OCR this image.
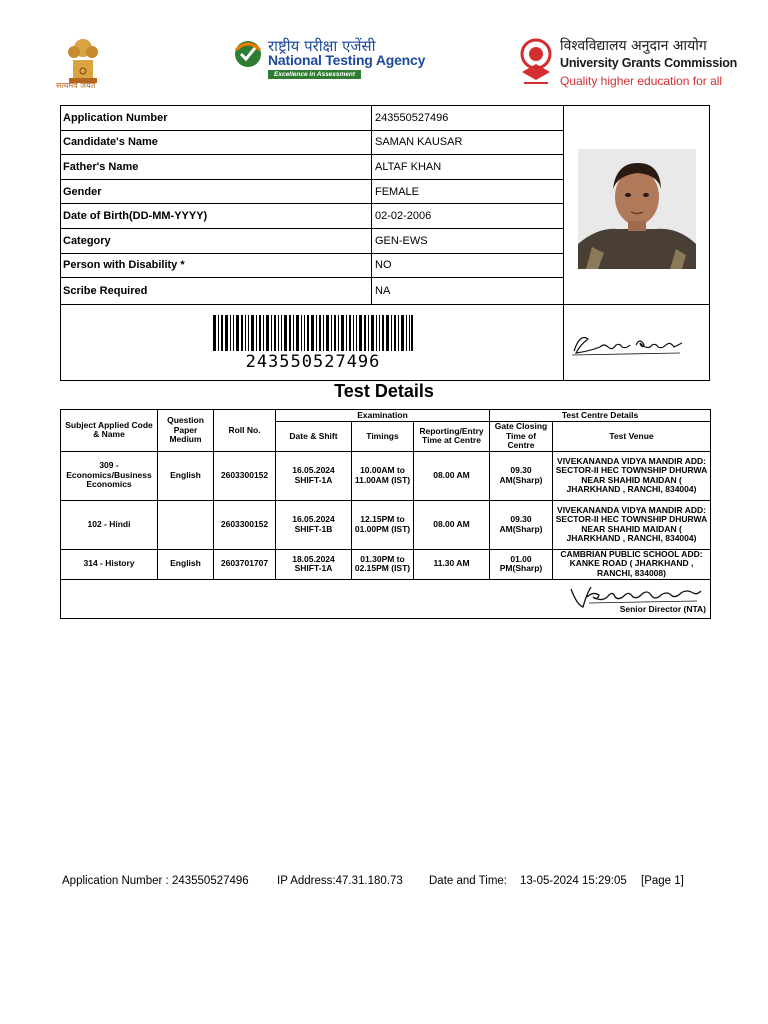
सत्यमेव जयते
राष्ट्रीय परीक्षा एजेंसी
National Testing Agency
Excellence in Assessment
विश्वविद्यालय अनुदान आयोग
University Grants Commission
Quality higher education for all
Application Number	243550527496
Candidate's Name	SAMAN KAUSAR
Father's Name	ALTAF KHAN
Gender	FEMALE
Date of Birth(DD-MM-YYYY)	02-02-2006
Category	GEN-EWS
Person with Disability *	NO
Scribe Required	NA
243550527496
Test Details
Subject Applied Code & Name	Question Paper Medium	Roll No.	Examination			Test Centre Details	
			Date & Shift	Timings	Reporting/Entry Time at Centre	Gate Closing Time of Centre	Test Venue
309 - Economics/Business Economics	English	2603300152	16.05.2024 SHIFT-1A	10.00AM to 11.00AM (IST)	08.00 AM	09.30 AM(Sharp)	VIVEKANANDA VIDYA MANDIR ADD: SECTOR-II HEC TOWNSHIP DHURWA NEAR SHAHID MAIDAN ( JHARKHAND , RANCHI, 834004)
102 - Hindi		2603300152	16.05.2024 SHIFT-1B	12.15PM to 01.00PM (IST)	08.00 AM	09.30 AM(Sharp)	VIVEKANANDA VIDYA MANDIR ADD: SECTOR-II HEC TOWNSHIP DHURWA NEAR SHAHID MAIDAN ( JHARKHAND , RANCHI, 834004)
314 - History	English	2603701707	18.05.2024 SHIFT-1A	01.30PM to 02.15PM (IST)	11.30 AM	01.00 PM(Sharp)	CAMBRIAN PUBLIC SCHOOL ADD: KANKE ROAD ( JHARKHAND , RANCHI, 834008)

Senior Director (NTA)							
Application Number : 243550527496	IP Address:47.31.180.73	Date and Time:	13-05-2024 15:29:05	[Page 1]
